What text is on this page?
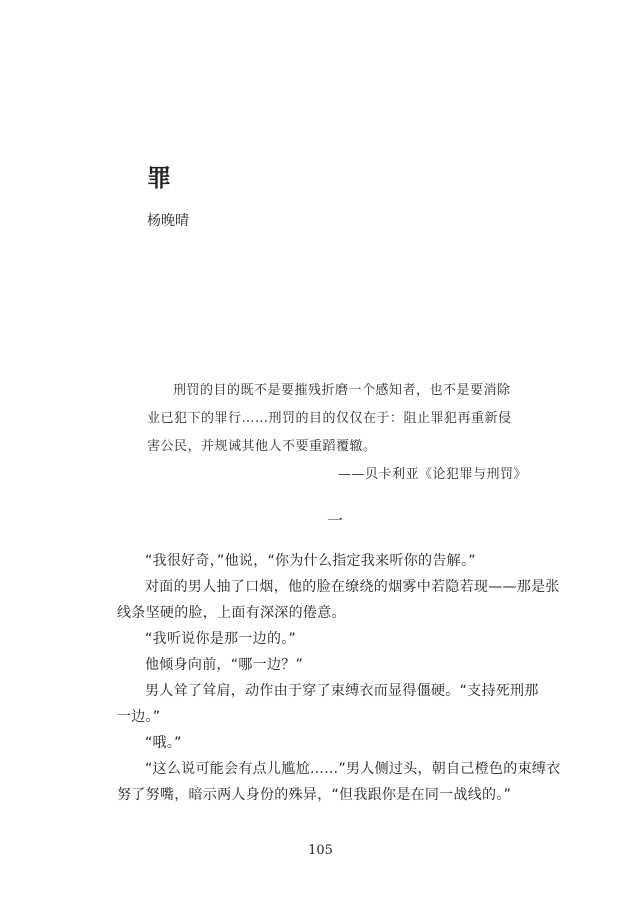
罪
杨晚晴
刑罚的目的既不是要摧残折磨一个感知者，也不是要消除
业已犯下的罪行……刑罚的目的仅仅在于：阻止罪犯再重新侵
害公民，并规诫其他人不要重蹈覆辙。
——贝卡利亚《论犯罪与刑罚》
一

“我很好奇，”他说，“你为什么指定我来听你的告解。”

对面的男人抽了口烟，他的脸在缭绕的烟雾中若隐若现——那是张

线条坚硬的脸，上面有深深的倦意。

“我听说你是那一边的。”

他倾身向前，“哪一边？”

男人耸了耸肩，动作由于穿了束缚衣而显得僵硬。“支持死刑那

一边。”

“哦。”

“这么说可能会有点儿尴尬……”男人侧过头，朝自己橙色的束缚衣

努了努嘴，暗示两人身份的殊异，“但我跟你是在同一战线的。”

105
